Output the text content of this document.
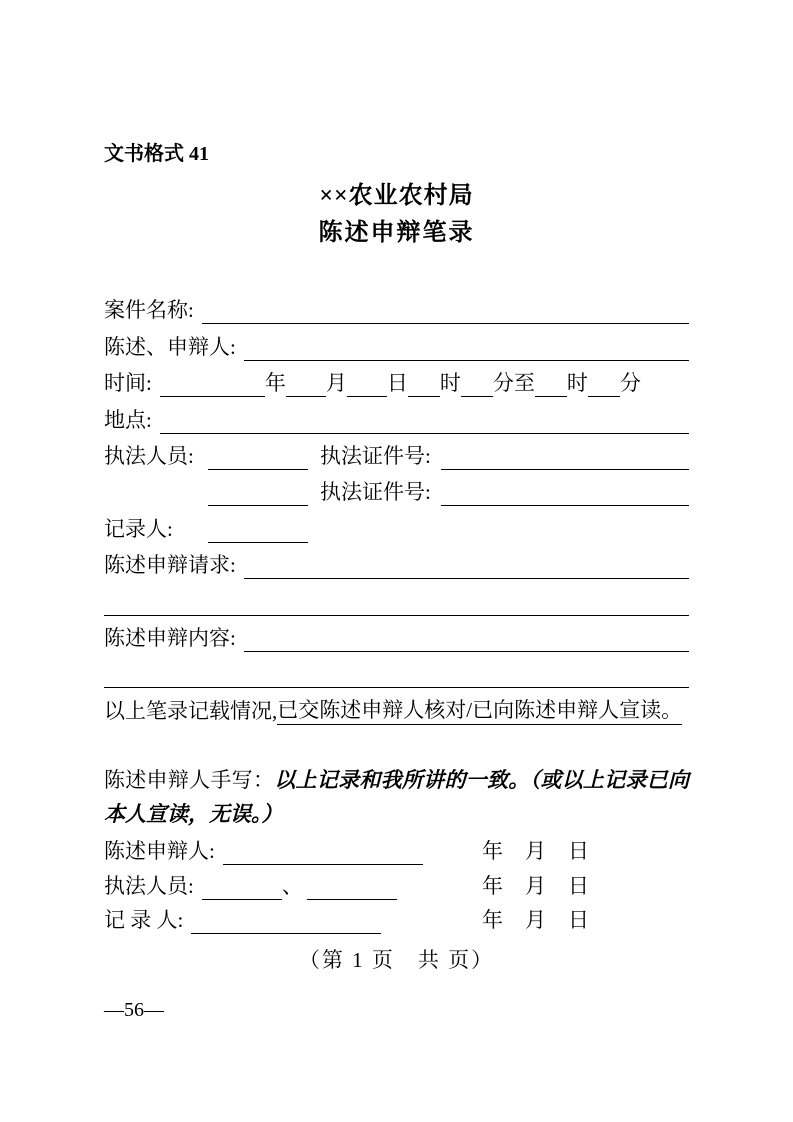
文书格式 41
××农业农村局
陈述申辩笔录
案件名称:
陈述、申辩人:
时间:	年 月 日 时 分 至 时 分
地点:
执法人员:	执法证件号:
执法证件号:
记录人:
陈述申辩请求:
陈述申辩内容:
以上笔录记载情况, 已交陈述申辩人核对/已向陈述申辩人宣读。
陈述申辩人手写：以上记录和我所讲的一致。（或以上记录已向本人宣读，无误。）
陈述申辩人:	年 月 日
执法人员:	、	年 月 日
记 录 人:	年 月 日
（第 1 页　共 页）
—56—
